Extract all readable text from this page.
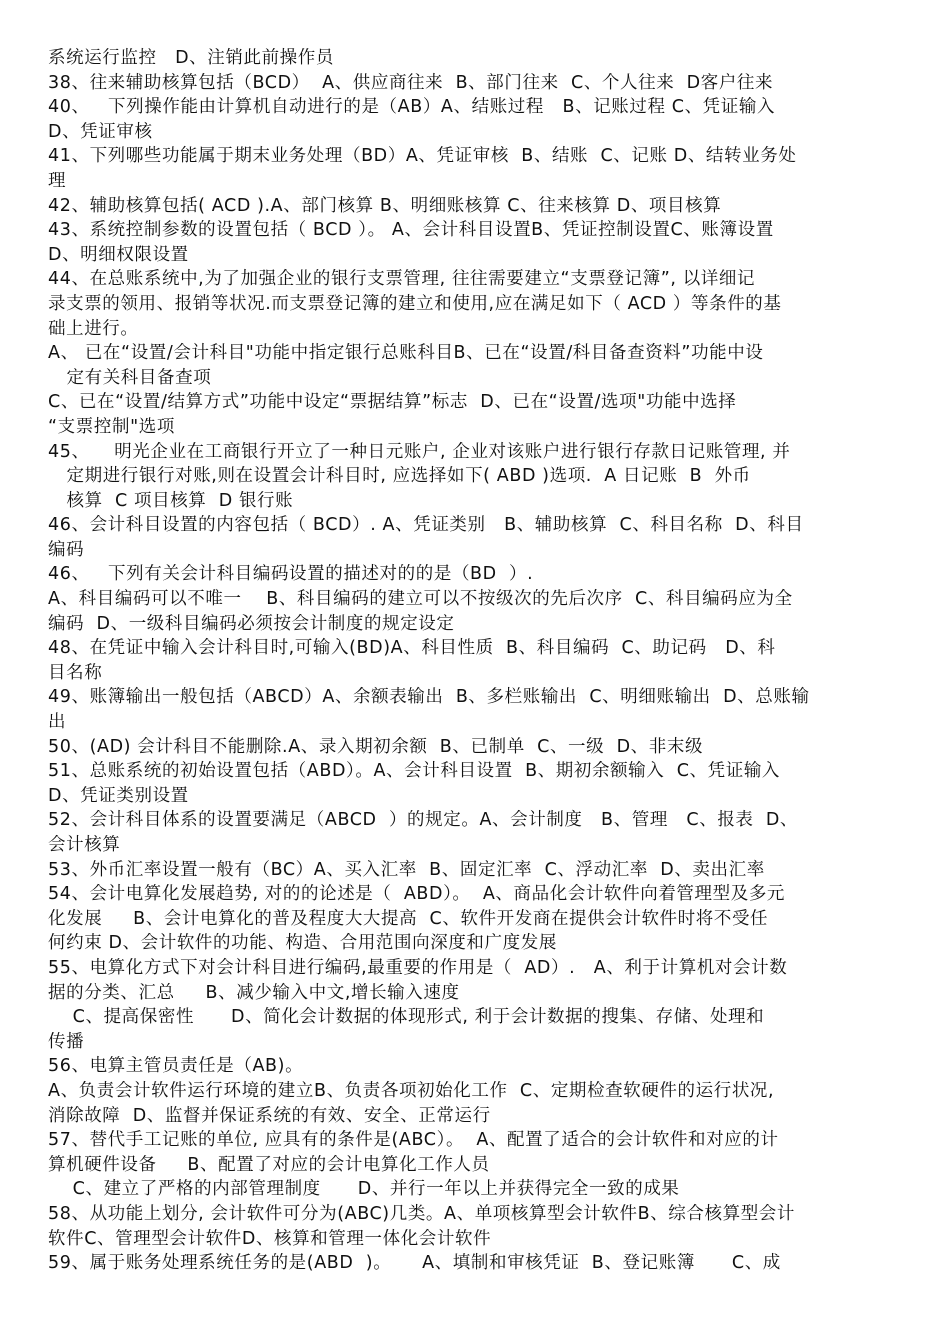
系统运行监控   D、注销此前操作员
38、往来辅助核算包括（BCD）  A、供应商往来  B、部门往来  C、个人往来  D客户往来
40、   下列操作能由计算机自动进行的是（AB）A、结账过程   B、记账过程 C、凭证输入
D、凭证审核
41、下列哪些功能属于期末业务处理（BD）A、凭证审核  B、结账  C、记账 D、结转业务处
理
42、辅助核算包括( ACD ).A、部门核算 B、明细账核算 C、往来核算 D、项目核算
43、系统控制参数的设置包括（ BCD ）。 A、会计科目设置B、凭证控制设置C、账簿设置
D、明细权限设置
44、在总账系统中,为了加强企业的银行支票管理, 往往需要建立“支票登记簿”, 以详细记
录支票的领用、报销等状况.而支票登记簿的建立和使用,应在满足如下（ ACD ）等条件的基
础上进行。
A、 已在“设置/会计科目"功能中指定银行总账科目B、已在“设置/科目备查资料”功能中设
定有关科目备查项
C、已在“设置/结算方式”功能中设定“票据结算”标志  D、已在“设置/选项"功能中选择
“支票控制"选项
45、    明光企业在工商银行开立了一种日元账户, 企业对该账户进行银行存款日记账管理, 并
定期进行银行对账,则在设置会计科目时, 应选择如下( ABD )选项.  A 日记账  B  外币
核算  C 项目核算  D 银行账
46、会计科目设置的内容包括（ BCD）. A、凭证类别   B、辅助核算  C、科目名称  D、科目
编码
46、   下列有关会计科目编码设置的描述对的的是（BD  ）.
A、科目编码可以不唯一    B、科目编码的建立可以不按级次的先后次序  C、科目编码应为全
编码  D、一级科目编码必须按会计制度的规定设定
48、在凭证中输入会计科目时,可输入(BD)A、科目性质  B、科目编码  C、助记码   D、科
目名称
49、账簿输出一般包括（ABCD）A、余额表输出  B、多栏账输出  C、明细账输出  D、总账输
出
50、(AD) 会计科目不能删除.A、录入期初余额  B、已制单  C、一级  D、非末级
51、总账系统的初始设置包括（ABD）。A、会计科目设置  B、期初余额输入  C、凭证输入
D、凭证类别设置
52、会计科目体系的设置要满足（ABCD  ）的规定。A、会计制度   B、管理   C、报表  D、
会计核算
53、外币汇率设置一般有（BC）A、买入汇率  B、固定汇率  C、浮动汇率  D、卖出汇率
54、会计电算化发展趋势, 对的的论述是（  ABD）。  A、商品化会计软件向着管理型及多元
化发展     B、会计电算化的普及程度大大提高  C、软件开发商在提供会计软件时将不受任
何约束 D、会计软件的功能、构造、合用范围向深度和广度发展
55、电算化方式下对会计科目进行编码,最重要的作用是（  AD）.   A、利于计算机对会计数
据的分类、汇总     B、减少输入中文,增长输入速度
C、提高保密性      D、简化会计数据的体现形式, 利于会计数据的搜集、存储、处理和
传播
56、电算主管员责任是（AB)。
A、负责会计软件运行环境的建立B、负责各项初始化工作  C、定期检查软硬件的运行状况,
消除故障  D、监督并保证系统的有效、安全、正常运行
57、替代手工记账的单位, 应具有的条件是(ABC）。  A、配置了适合的会计软件和对应的计
算机硬件设备     B、配置了对应的会计电算化工作人员
C、建立了严格的内部管理制度      D、并行一年以上并获得完全一致的成果
58、从功能上划分, 会计软件可分为(ABC)几类。A、单项核算型会计软件B、综合核算型会计
软件C、管理型会计软件D、核算和管理一体化会计软件
59、属于账务处理系统任务的是(ABD  )。     A、填制和审核凭证  B、登记账簿      C、成
